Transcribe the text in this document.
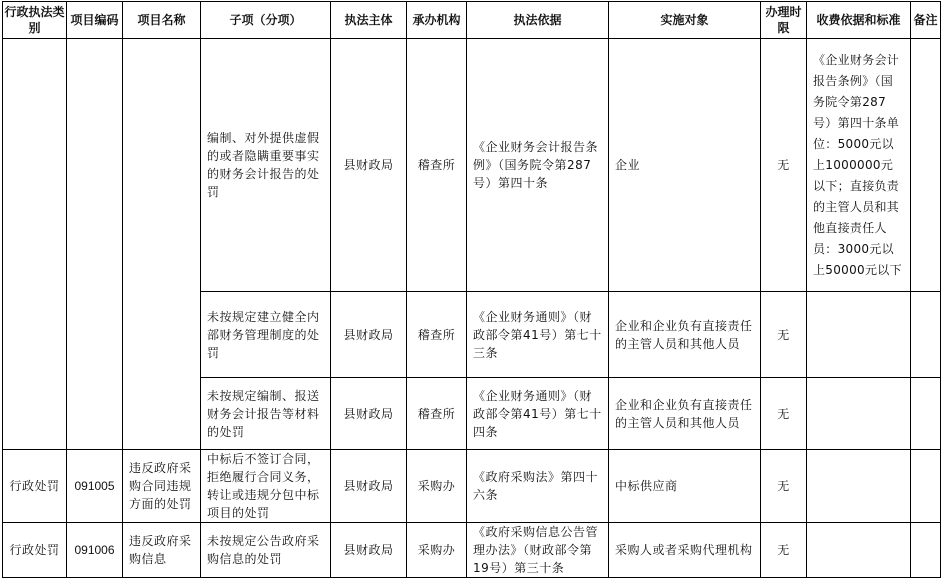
行政执法类别	项目编码	项目名称	子项（分项）	执法主体	承办机构	执法依据	实施对象	办理时限	收费依据和标准	备注

			编制、对外提供虚假的或者隐瞒重要事实的财务会计报告的处罚	县财政局	稽查所	《企业财务会计报告条例》（国务院令第287号）第四十条	企业	无	《企业财务会计报告条例》（国务院令第287号）第四十条单位：5000元以上1000000元以下；直接负责的主管人员和其他直接责任人员：3000元以上50000元以下	

			未按规定建立健全内部财务管理制度的处罚	县财政局	稽查所	《企业财务通则》（财政部令第41号）第七十三条	企业和企业负有直接责任的主管人员和其他人员	无		

			未按规定编制、报送财务会计报告等材料的处罚	县财政局	稽查所	《企业财务通则》（财政部令第41号）第七十四条	企业和企业负有直接责任的主管人员和其他人员	无		

行政处罚	091005	违反政府采购合同违规方面的处罚	中标后不签订合同，拒绝履行合同义务，转让或违规分包中标项目的处罚	县财政局	采购办	《政府采购法》第四十六条	中标供应商	无		

行政处罚	091006	违反政府采购信息	未按规定公告政府采购信息的处罚	县财政局	采购办	《政府采购信息公告管理办法》（财政部令第19号）第三十条	采购人或者采购代理机构	无		
